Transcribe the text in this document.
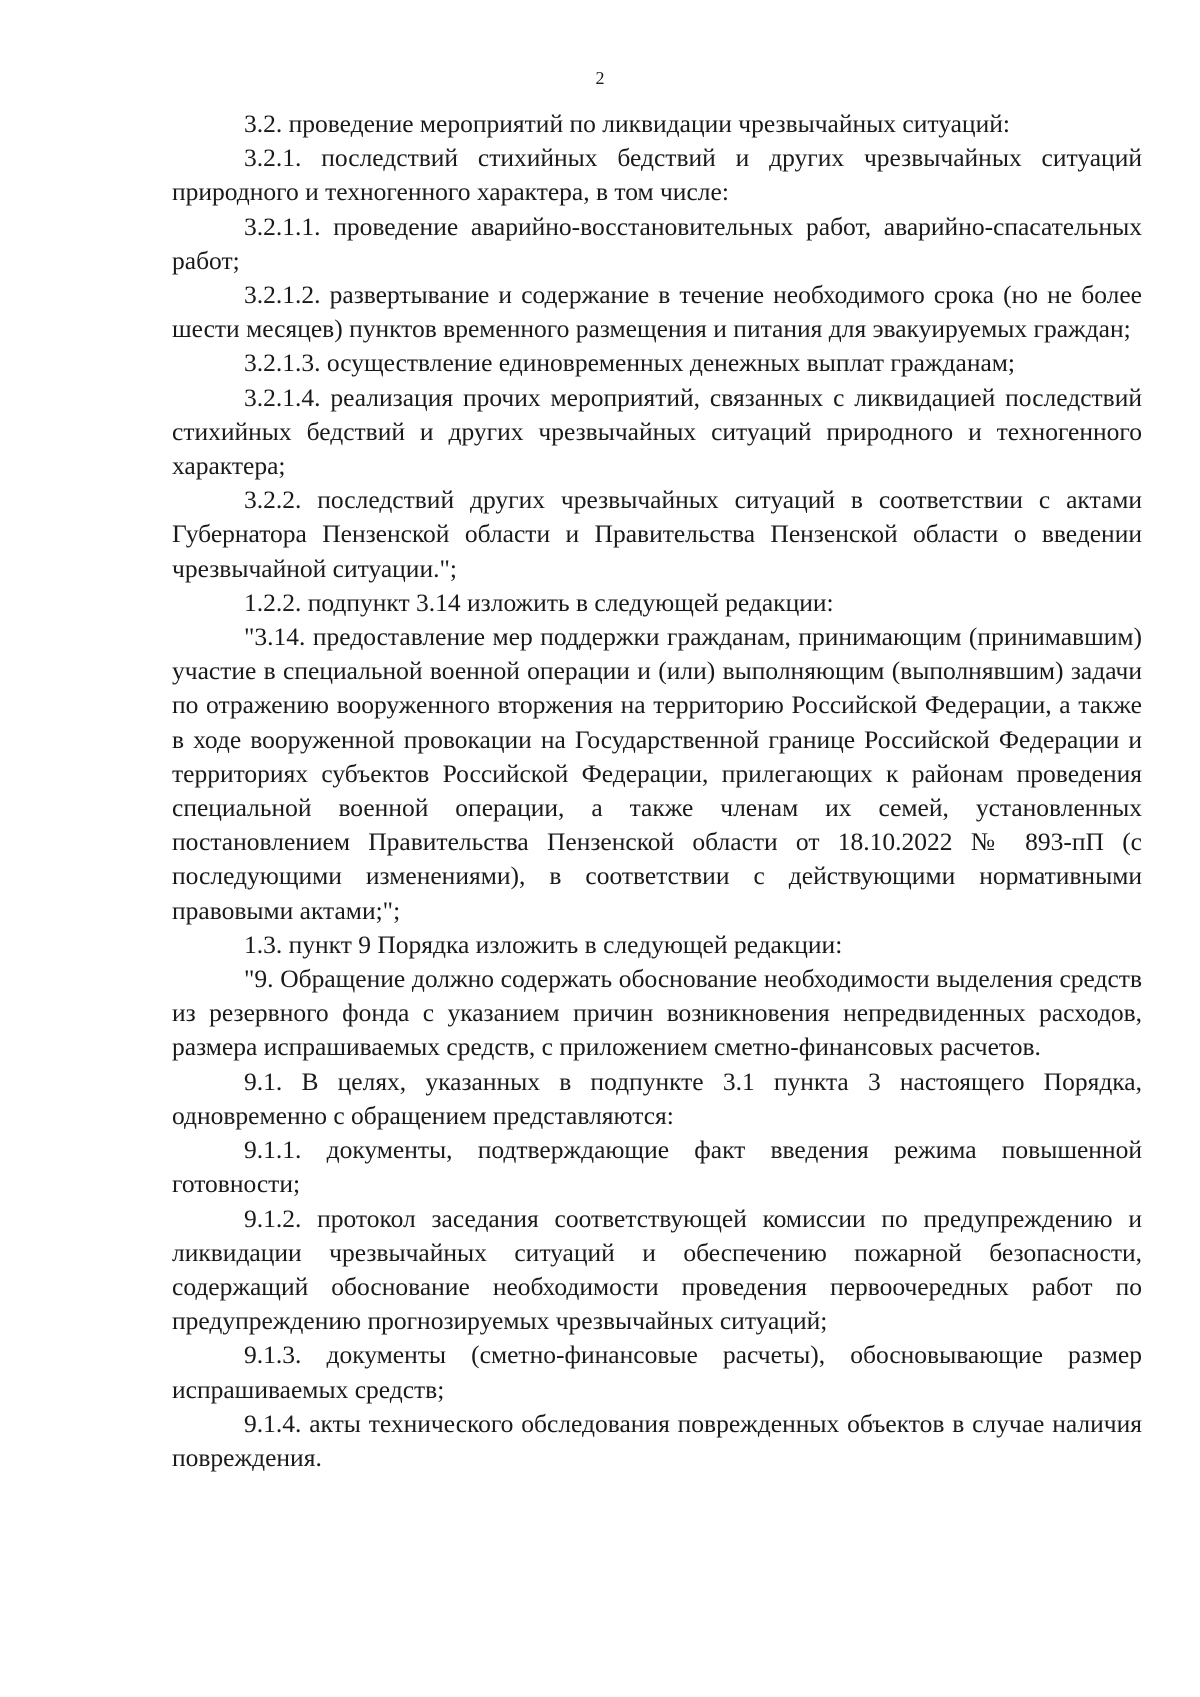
2

3.2. проведение мероприятий по ликвидации чрезвычайных ситуаций:

3.2.1. последствий стихийных бедствий и других чрезвычайных ситуаций природного и техногенного характера, в том числе:

3.2.1.1. проведение аварийно-восстановительных работ, аварийно-спасательных работ;

3.2.1.2. развертывание и содержание в течение необходимого срока (но не более шести месяцев) пунктов временного размещения и питания для эвакуируемых граждан;

3.2.1.3. осуществление единовременных денежных выплат гражданам;

3.2.1.4. реализация прочих мероприятий, связанных с ликвидацией последствий стихийных бедствий и других чрезвычайных ситуаций природного и техногенного характера;

3.2.2. последствий других чрезвычайных ситуаций в соответствии с актами Губернатора Пензенской области и Правительства Пензенской области о введении чрезвычайной ситуации.";

1.2.2. подпункт 3.14 изложить в следующей редакции:

"3.14. предоставление мер поддержки гражданам, принимающим (принимавшим) участие в специальной военной операции и (или) выполняющим (выполнявшим) задачи по отражению вооруженного вторжения на территорию Российской Федерации, а также в ходе вооруженной провокации на Государственной границе Российской Федерации и территориях субъектов Российской Федерации, прилегающих к районам проведения специальной военной операции, а также членам их семей, установленных постановлением Правительства Пензенской области от 18.10.2022 № 893-пП (с последующими изменениями), в соответствии с действующими нормативными правовыми актами;";

1.3. пункт 9 Порядка изложить в следующей редакции:

"9. Обращение должно содержать обоснование необходимости выделения средств из резервного фонда с указанием причин возникновения непредвиденных расходов, размера испрашиваемых средств, с приложением сметно-финансовых расчетов.

9.1. В целях, указанных в подпункте 3.1 пункта 3 настоящего Порядка, одновременно с обращением представляются:

9.1.1. документы, подтверждающие факт введения режима повышенной готовности;

9.1.2. протокол заседания соответствующей комиссии по предупреждению и ликвидации чрезвычайных ситуаций и обеспечению пожарной безопасности, содержащий обоснование необходимости проведения первоочередных работ по предупреждению прогнозируемых чрезвычайных ситуаций;

9.1.3. документы (сметно-финансовые расчеты), обосновывающие размер испрашиваемых средств;

9.1.4. акты технического обследования поврежденных объектов в случае наличия повреждения.
